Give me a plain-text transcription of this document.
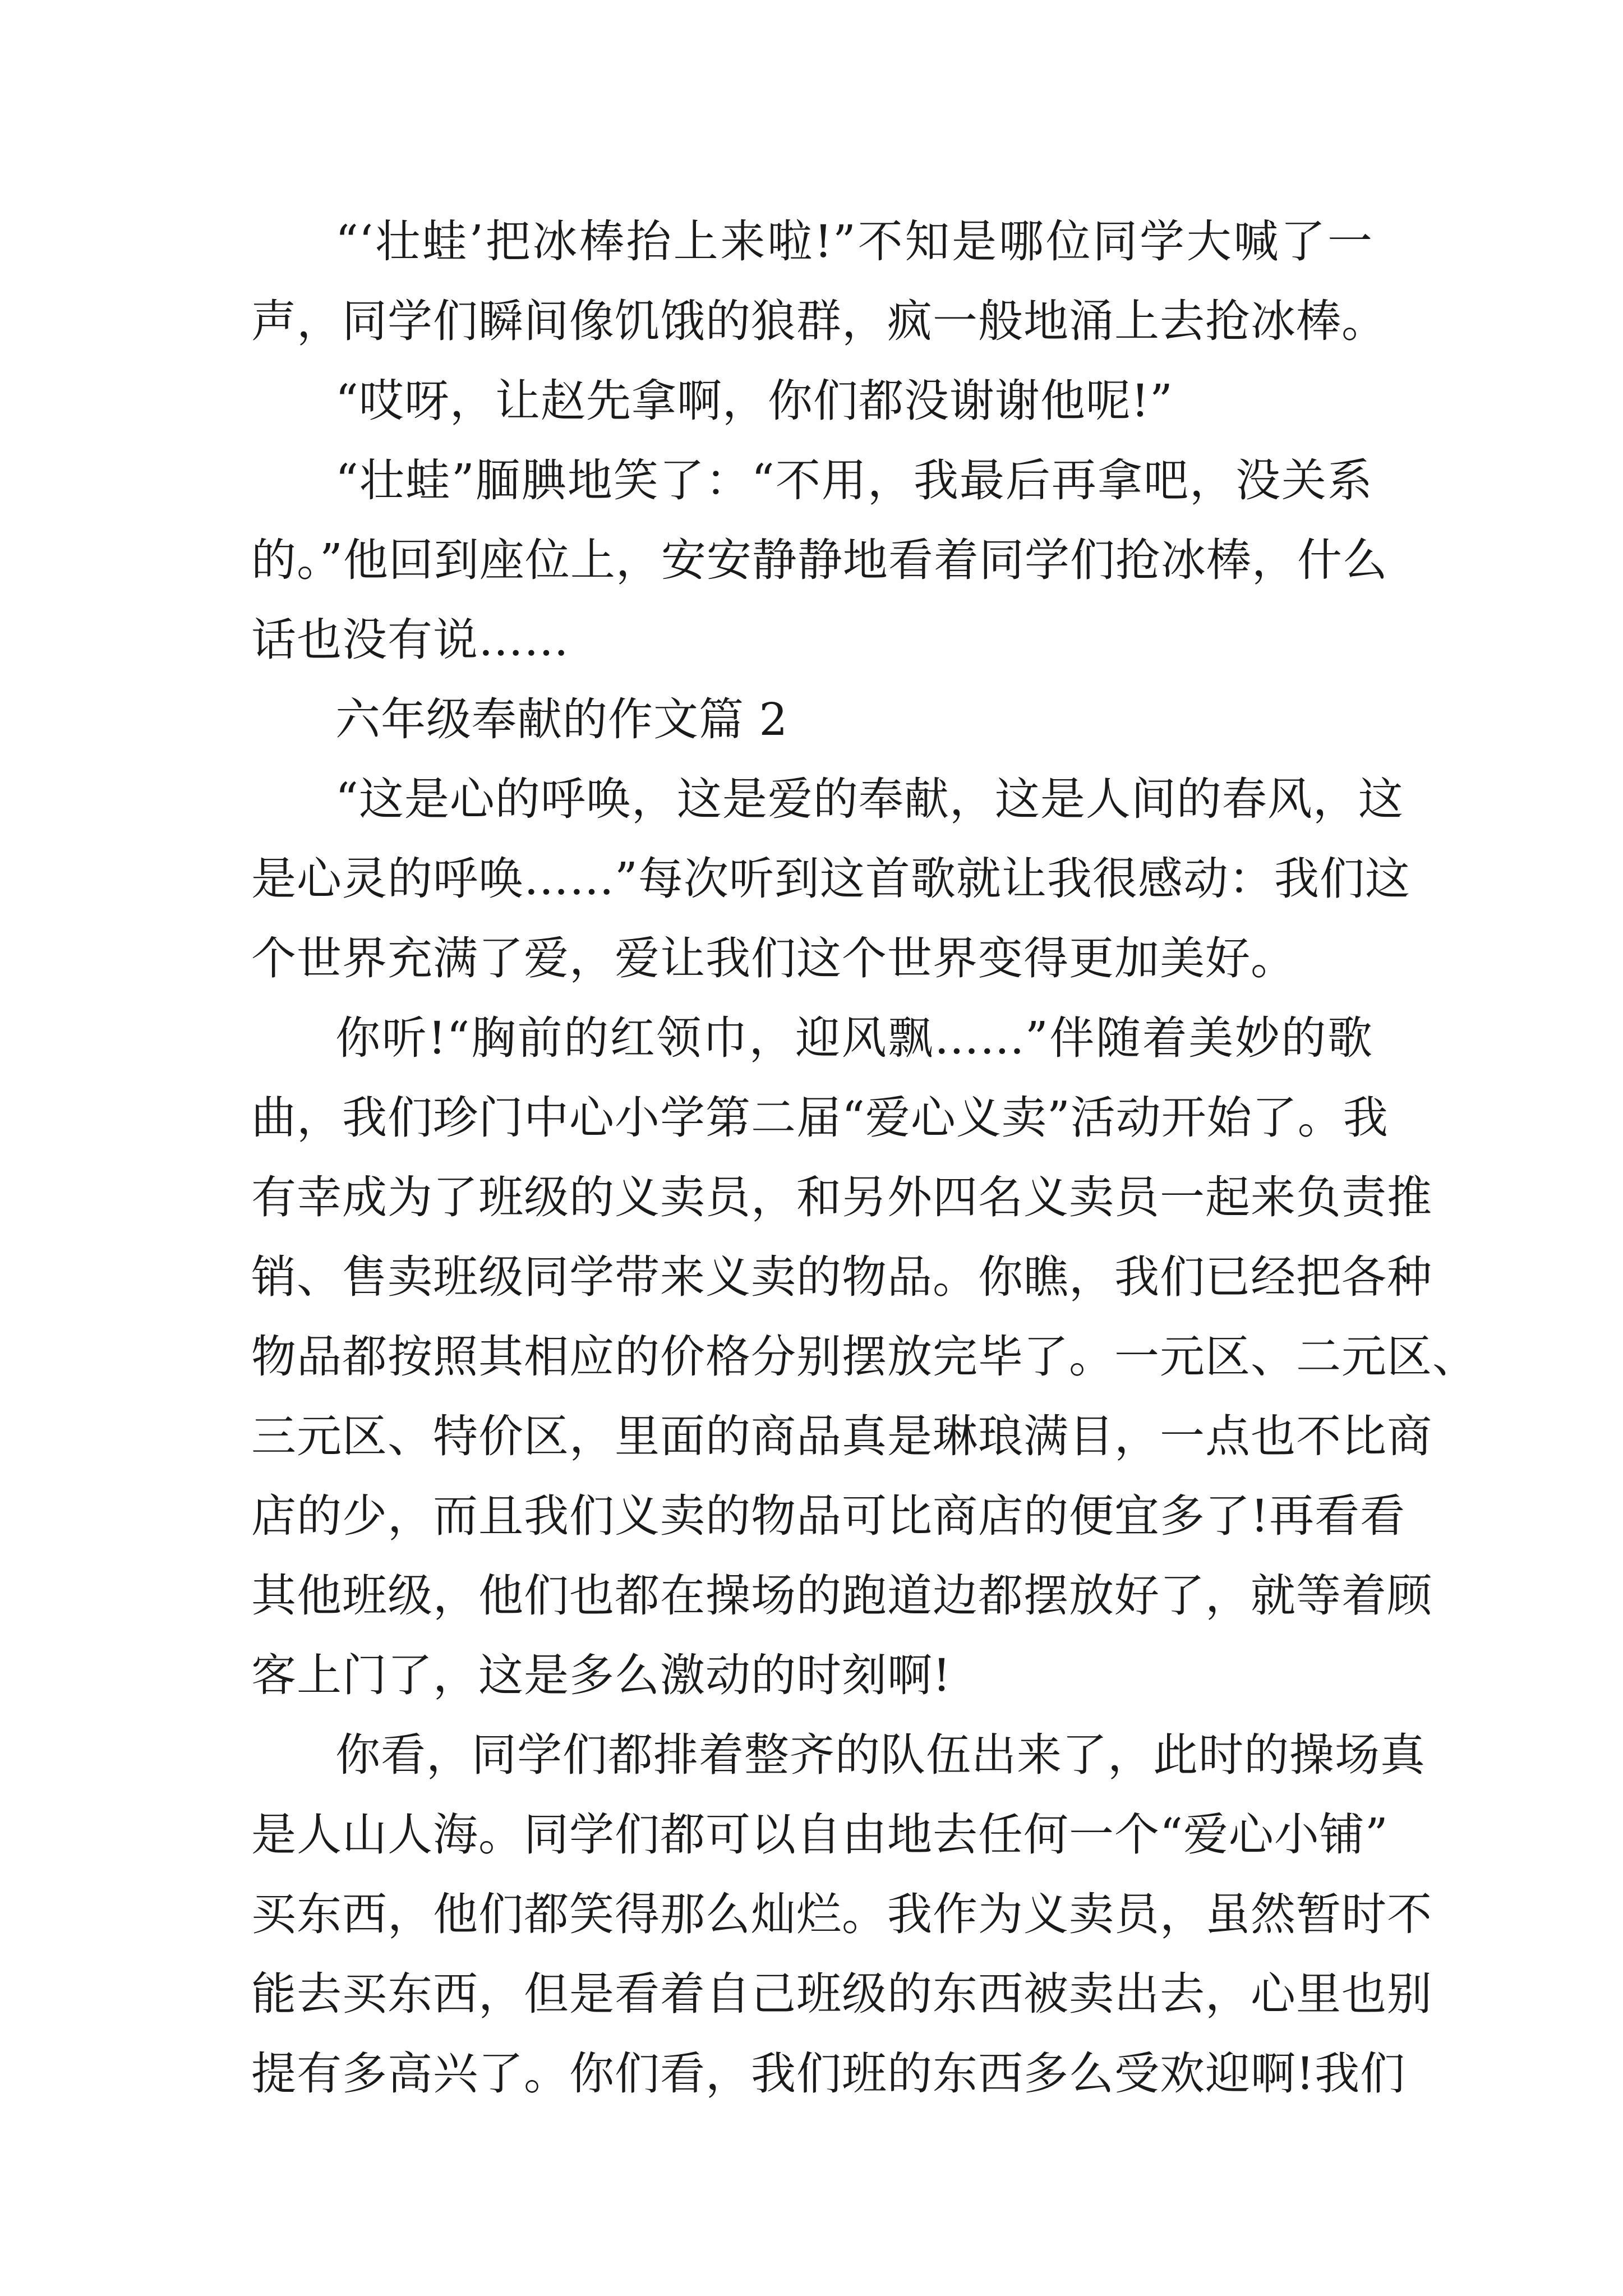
“‘壮蛙’把冰棒抬上来啦!”不知是哪位同学大喊了一
声，同学们瞬间像饥饿的狼群，疯一般地涌上去抢冰棒。
“哎呀，让赵先拿啊，你们都没谢谢他呢!”
“壮蛙”腼腆地笑了：“不用，我最后再拿吧，没关系
的。”他回到座位上，安安静静地看着同学们抢冰棒，什么
话也没有说……
六年级奉献的作文篇 2
“这是心的呼唤，这是爱的奉献，这是人间的春风，这
是心灵的呼唤……”每次听到这首歌就让我很感动：我们这
个世界充满了爱，爱让我们这个世界变得更加美好。
你听!“胸前的红领巾，迎风飘……”伴随着美妙的歌
曲，我们珍门中心小学第二届“爱心义卖”活动开始了。我
有幸成为了班级的义卖员，和另外四名义卖员一起来负责推
销、售卖班级同学带来义卖的物品。你瞧，我们已经把各种
物品都按照其相应的价格分别摆放完毕了。一元区、二元区、
三元区、特价区，里面的商品真是琳琅满目，一点也不比商
店的少，而且我们义卖的物品可比商店的便宜多了!再看看
其他班级，他们也都在操场的跑道边都摆放好了，就等着顾
客上门了，这是多么激动的时刻啊!
你看，同学们都排着整齐的队伍出来了，此时的操场真
是人山人海。同学们都可以自由地去任何一个“爱心小铺”
买东西，他们都笑得那么灿烂。我作为义卖员，虽然暂时不
能去买东西，但是看着自己班级的东西被卖出去，心里也别
提有多高兴了。你们看，我们班的东西多么受欢迎啊!我们
